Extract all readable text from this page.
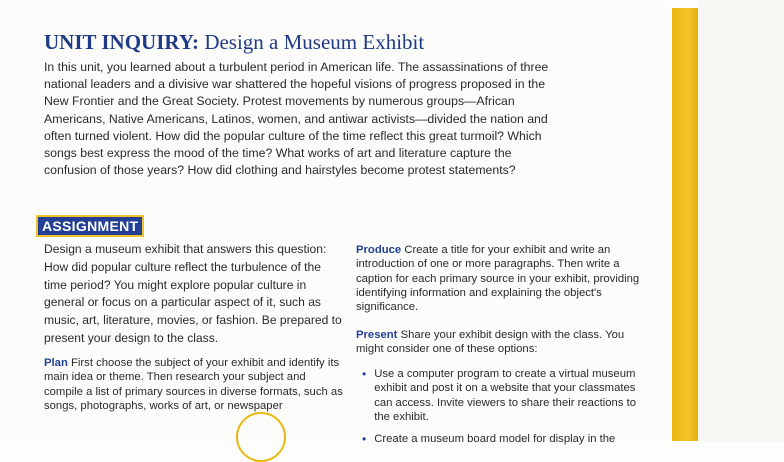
UNIT INQUIRY: Design a Museum Exhibit
In this unit, you learned about a turbulent period in American life. The assassinations of three national leaders and a divisive war shattered the hopeful visions of progress proposed in the New Frontier and the Great Society. Protest movements by numerous groups—African Americans, Native Americans, Latinos, women, and antiwar activists—divided the nation and often turned violent. How did the popular culture of the time reflect this great turmoil? Which songs best express the mood of the time? What works of art and literature capture the confusion of those years? How did clothing and hairstyles become protest statements?
ASSIGNMENT
Design a museum exhibit that answers this question: How did popular culture reflect the turbulence of the time period? You might explore popular culture in general or focus on a particular aspect of it, such as music, art, literature, movies, or fashion. Be prepared to present your design to the class.
Plan First choose the subject of your exhibit and identify its main idea or theme. Then research your subject and compile a list of primary sources in diverse formats, such as songs, photographs, works of art, or newspaper
Produce Create a title for your exhibit and write an introduction of one or more paragraphs. Then write a caption for each primary source in your exhibit, providing identifying information and explaining the object's significance.
Present Share your exhibit design with the class. You might consider one of these options:
• Use a computer program to create a virtual museum exhibit and post it on a website that your classmates can access. Invite viewers to share their reactions to the exhibit.
• Create a museum board model for display in the
